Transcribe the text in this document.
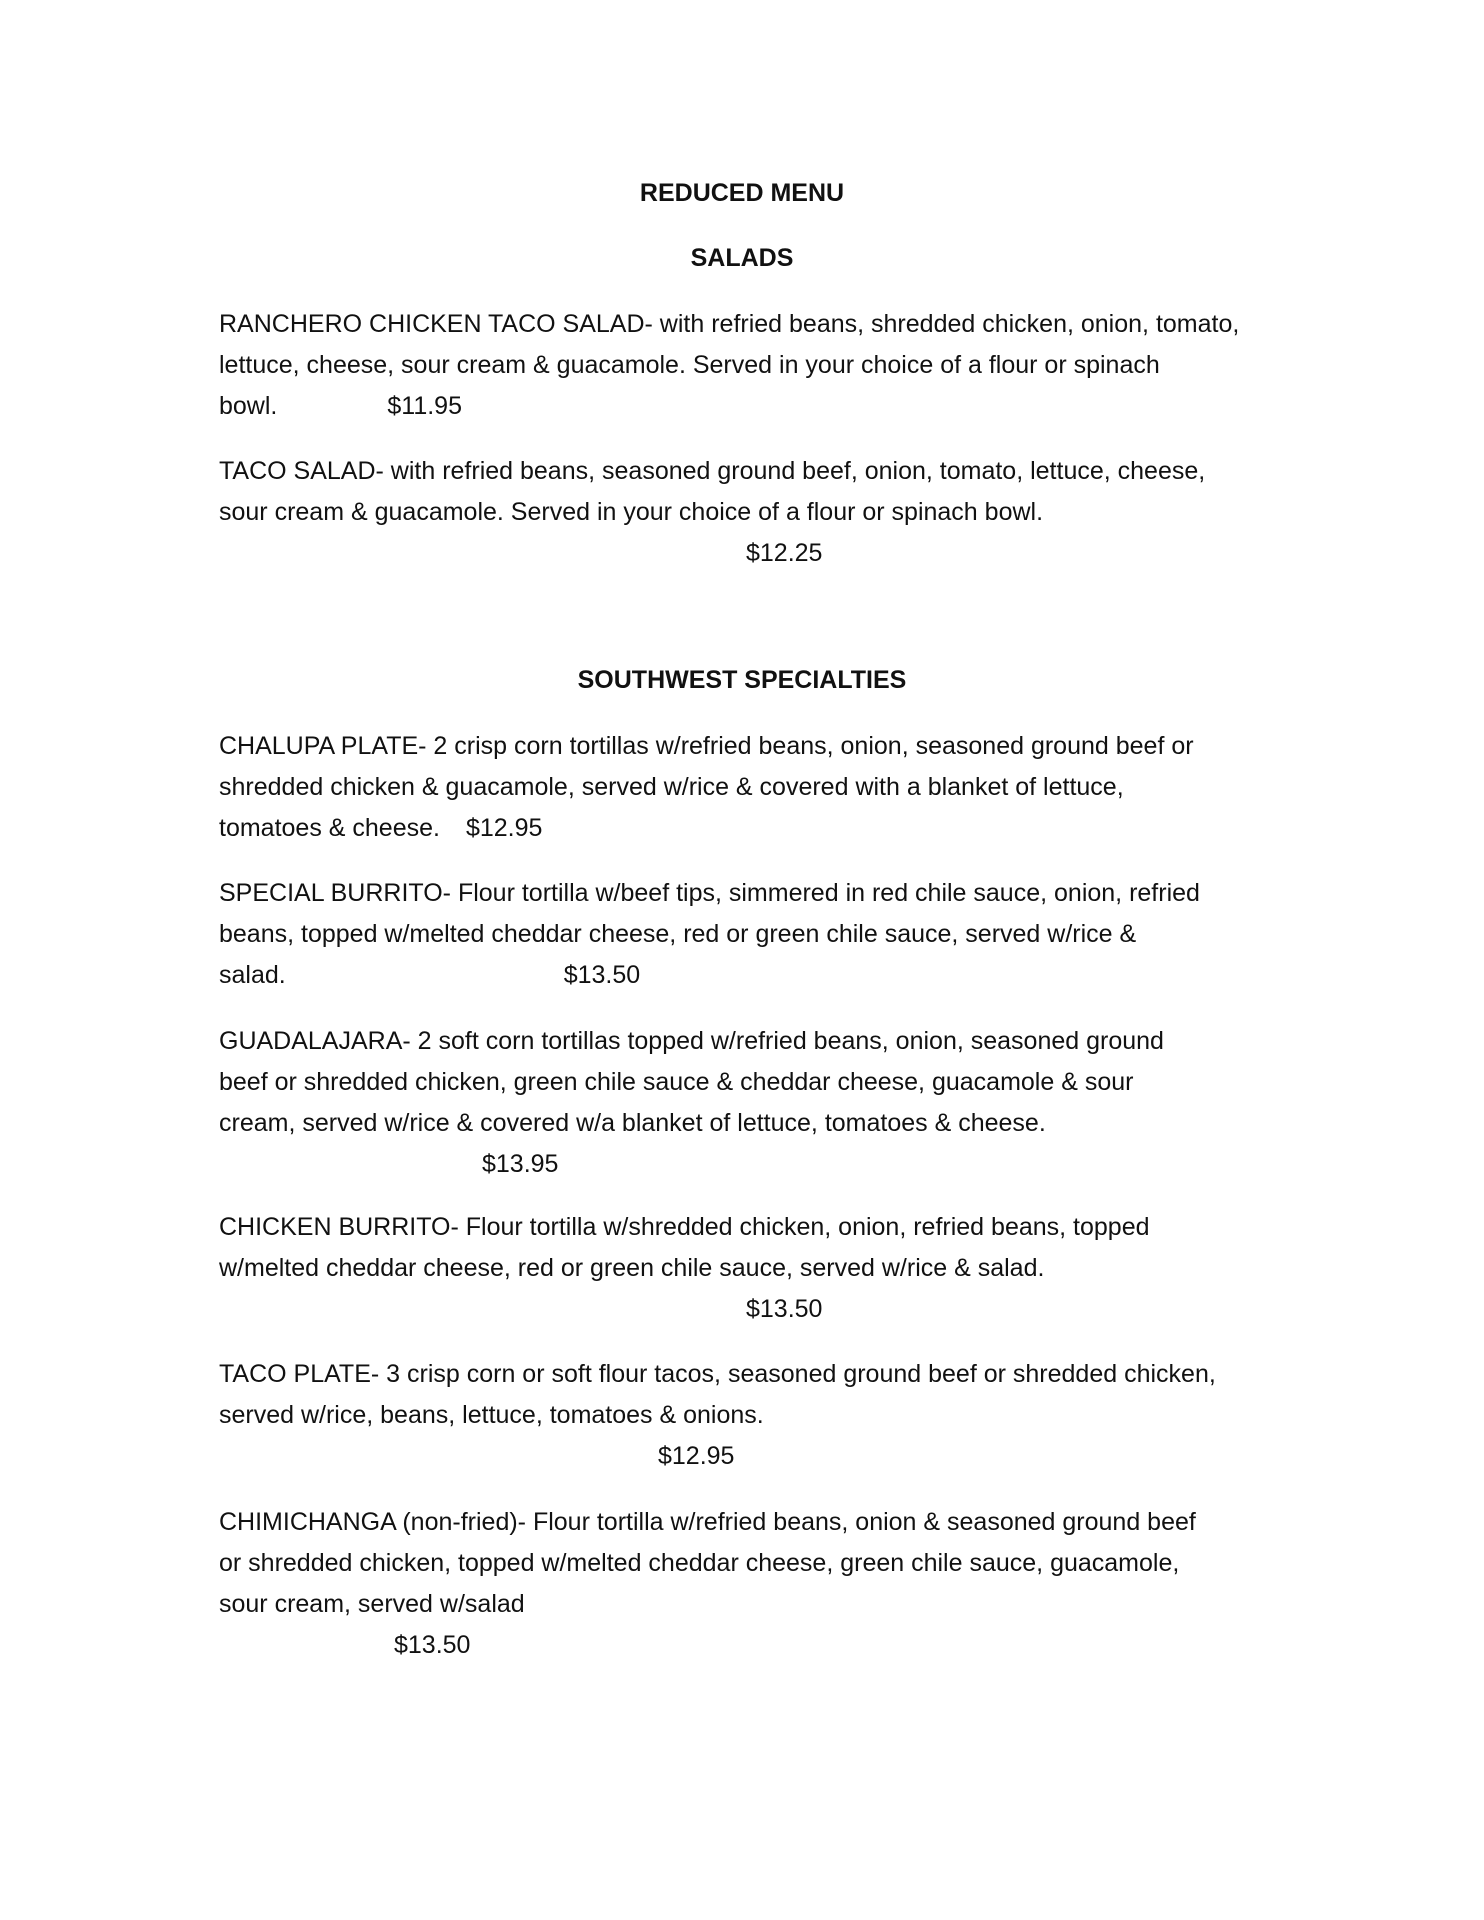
REDUCED MENU
SALADS
RANCHERO CHICKEN TACO SALAD- with refried beans, shredded chicken, onion, tomato,
lettuce, cheese, sour cream & guacamole. Served in your choice of a flour or spinach
bowl.	$11.95
TACO SALAD- with refried beans, seasoned ground beef, onion, tomato, lettuce, cheese,
sour cream & guacamole. Served in your choice of a flour or spinach bowl.
$12.25
SOUTHWEST SPECIALTIES
CHALUPA PLATE- 2 crisp corn tortillas w/refried beans, onion, seasoned ground beef or
shredded chicken & guacamole, served w/rice & covered with a blanket of lettuce,
tomatoes & cheese. $12.95
SPECIAL BURRITO- Flour tortilla w/beef tips, simmered in red chile sauce, onion, refried
beans, topped w/melted cheddar cheese, red or green chile sauce, served w/rice &
salad.	$13.50
GUADALAJARA- 2 soft corn tortillas topped w/refried beans, onion, seasoned ground
beef or shredded chicken, green chile sauce & cheddar cheese, guacamole & sour
cream, served w/rice & covered w/a blanket of lettuce, tomatoes & cheese.
$13.95
CHICKEN BURRITO- Flour tortilla w/shredded chicken, onion, refried beans, topped
w/melted cheddar cheese, red or green chile sauce, served w/rice & salad.
$13.50
TACO PLATE- 3 crisp corn or soft flour tacos, seasoned ground beef or shredded chicken,
served w/rice, beans, lettuce, tomatoes & onions.
$12.95
CHIMICHANGA (non-fried)- Flour tortilla w/refried beans, onion & seasoned ground beef
or shredded chicken, topped w/melted cheddar cheese, green chile sauce, guacamole,
sour cream, served w/salad
$13.50
